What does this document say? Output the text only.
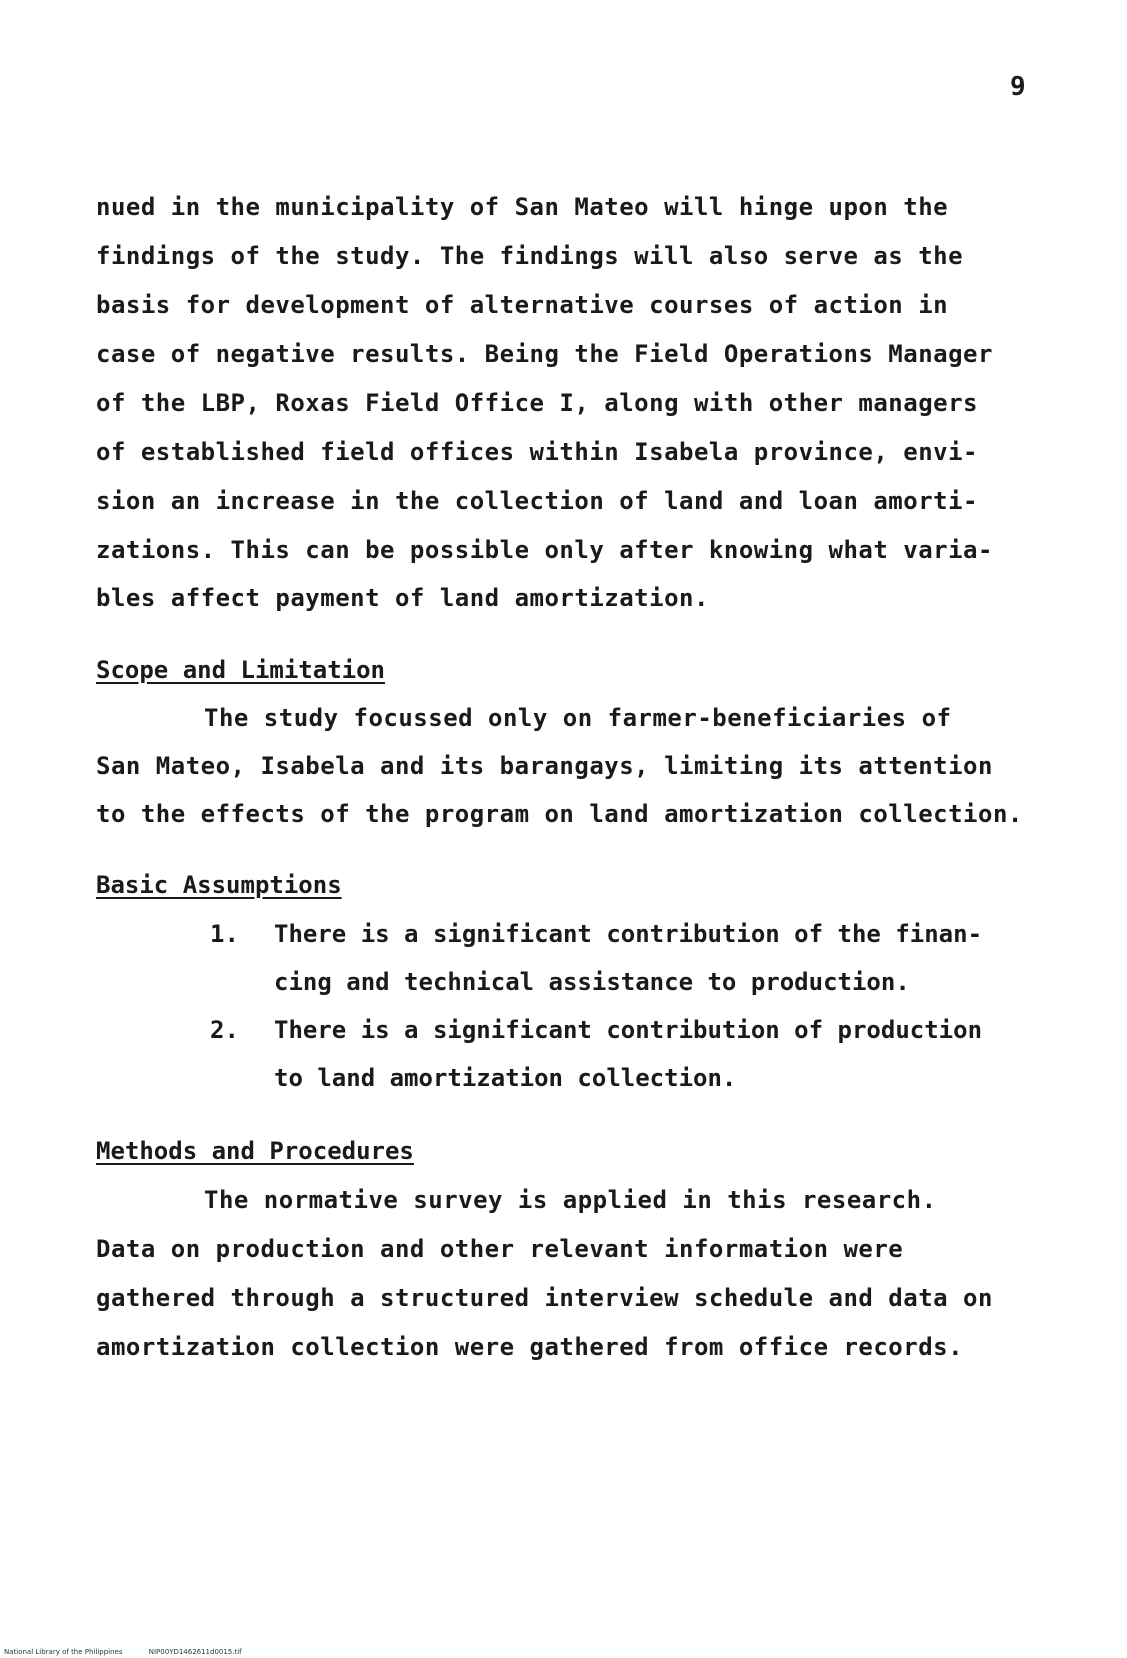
9
nued in the municipality of San Mateo will hinge upon the
findings of the study. The findings will also serve as the
basis for development of alternative courses of action in
case of negative results. Being the Field Operations Manager
of the LBP, Roxas Field Office I, along with other managers
of established field offices within Isabela province, envi-
sion an increase in the collection of land and loan amorti-
zations. This can be possible only after knowing what varia-
bles affect payment of land amortization.
Scope and Limitation
The study focussed only on farmer-beneficiaries of
San Mateo, Isabela and its barangays, limiting its attention
to the effects of the program on land amortization collection.
Basic Assumptions
1. There is a significant contribution of the finan-
cing and technical assistance to production.
2. There is a significant contribution of production
to land amortization collection.
Methods and Procedures
The normative survey is applied in this research.
Data on production and other relevant information were
gathered through a structured interview schedule and data on
amortization collection were gathered from office records.
National Library of the Philippines	NIP00YD1462611d0015.tif
